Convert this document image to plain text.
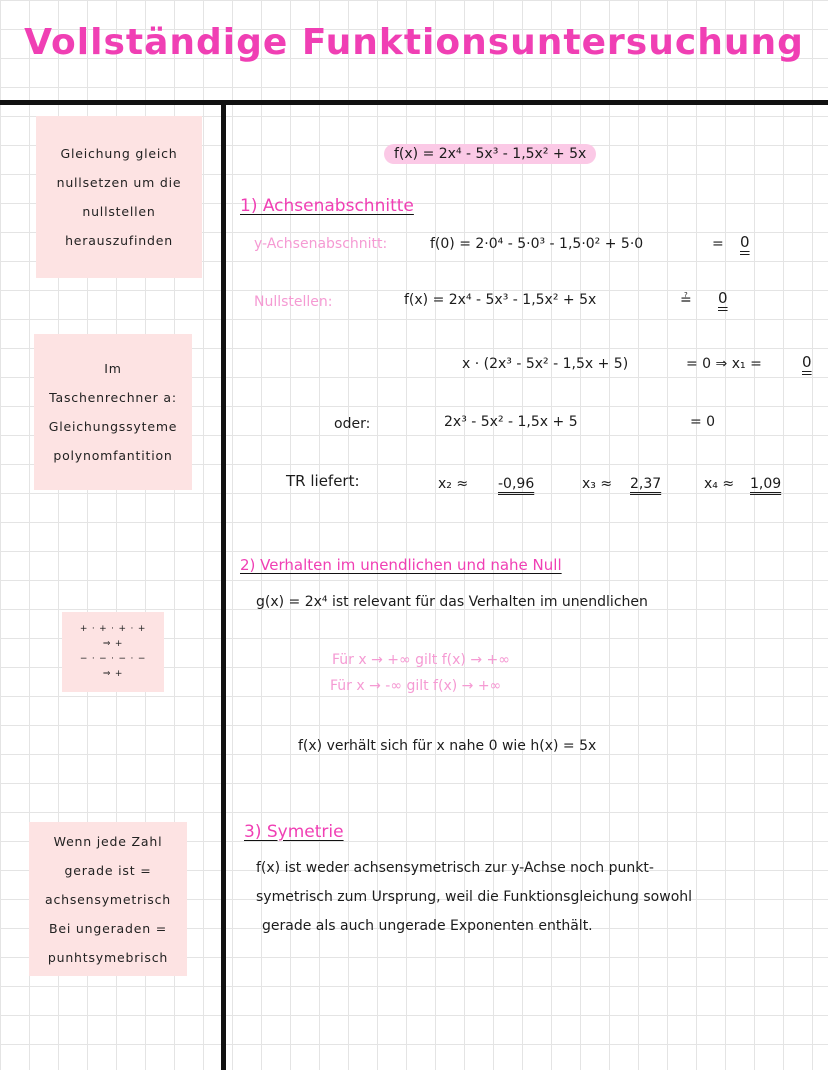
Vollständige Funktionsuntersuchung
Gleichung gleich
nullsetzen um die
nullstellen
herauszufinden
Im
Taschenrechner a:
Gleichungssyteme
polynomfantition
+ · + · + · +
⇒ +
− · − · − · −
⇒ +
Wenn jede Zahl
gerade ist =
achsensymetrisch
Bei ungeraden =
punhtsymebrisch
f(x) = 2x⁴ - 5x³ - 1,5x² + 5x
1) Achsenabschnitte
y-Achsenabschnitt:	f(0) = 2·0⁴ - 5·0³ - 1,5·0² + 5·0	= 0
Nullstellen:	f(x) = 2x⁴ - 5x³ - 1,5x² + 5x	≟ 0
x · (2x³ - 5x² - 1,5x + 5)	= 0 ⇒ x₁ =	0
oder:	2x³ - 5x² - 1,5x + 5	= 0
TR liefert:	x₂ ≈ -0,96	x₃ ≈ 2,37	x₄ ≈ 1,09
2) Verhalten im unendlichen und nahe Null
g(x) = 2x⁴ ist relevant für das Verhalten im unendlichen
Für x → +∞ gilt f(x) → +∞
Für x → -∞ gilt f(x) → +∞
f(x) verhält sich für x nahe 0 wie h(x) = 5x
3) Symetrie
f(x) ist weder achsensymetrisch zur y-Achse noch punkt-
symetrisch zum Ursprung, weil die Funktionsgleichung sowohl
gerade als auch ungerade Exponenten enthält.
